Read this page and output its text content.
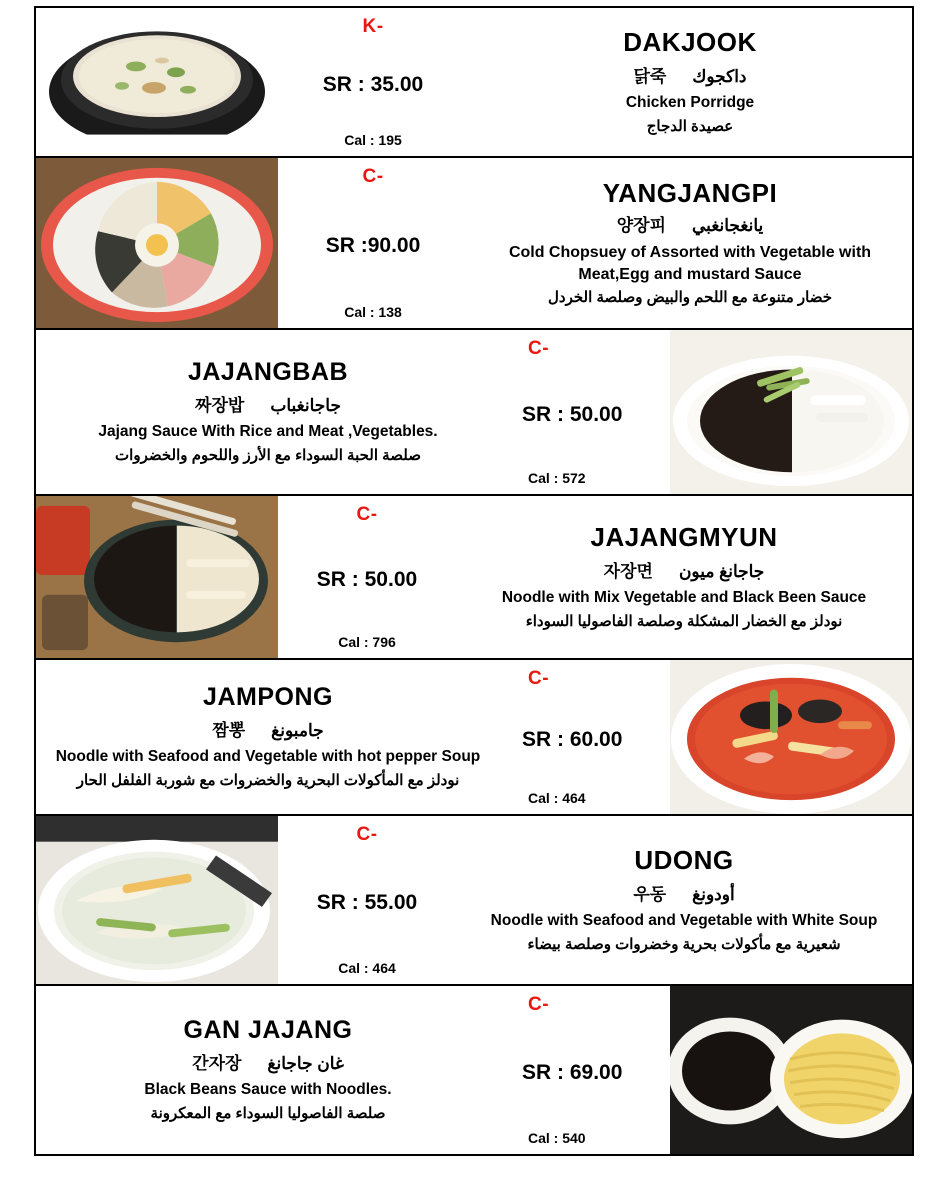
K-
SR : 35.00
Cal : 195
DAKJOOK
닭죽 داكجوك
Chicken Porridge
عصيدة الدجاج
C-
SR :90.00
Cal : 138
YANGJANGPI
양장피 يانغجانغبي
Cold Chopsuey of Assorted with Vegetable with Meat,Egg and mustard Sauce
خضار متنوعة مع اللحم والبيض وصلصة الخردل
JAJANGBAB
짜장밥 جاجانغباب
Jajang Sauce With Rice and Meat ,Vegetables.
صلصة الحبة السوداء مع الأرز واللحوم والخضروات
C-
SR : 50.00
Cal : 572
C-
SR : 50.00
Cal : 796
JAJANGMYUN
자장면 جاجانغ ميون
Noodle with Mix Vegetable and Black Been Sauce
نودلز مع الخضار المشكلة وصلصة الفاصوليا السوداء
JAMPONG
짬뽕 جامبونغ
Noodle with Seafood and Vegetable with hot pepper Soup
نودلز مع المأكولات البحرية والخضروات مع شوربة الفلفل الحار
C-
SR : 60.00
Cal : 464
C-
SR : 55.00
Cal : 464
UDONG
우동 أودونغ
Noodle with Seafood and Vegetable with White Soup
شعيرية مع مأكولات بحرية وخضروات وصلصة بيضاء
GAN JAJANG
간자장 غان جاجانغ
Black Beans Sauce with Noodles.
صلصة الفاصوليا السوداء مع المعكرونة
C-
SR : 69.00
Cal : 540
